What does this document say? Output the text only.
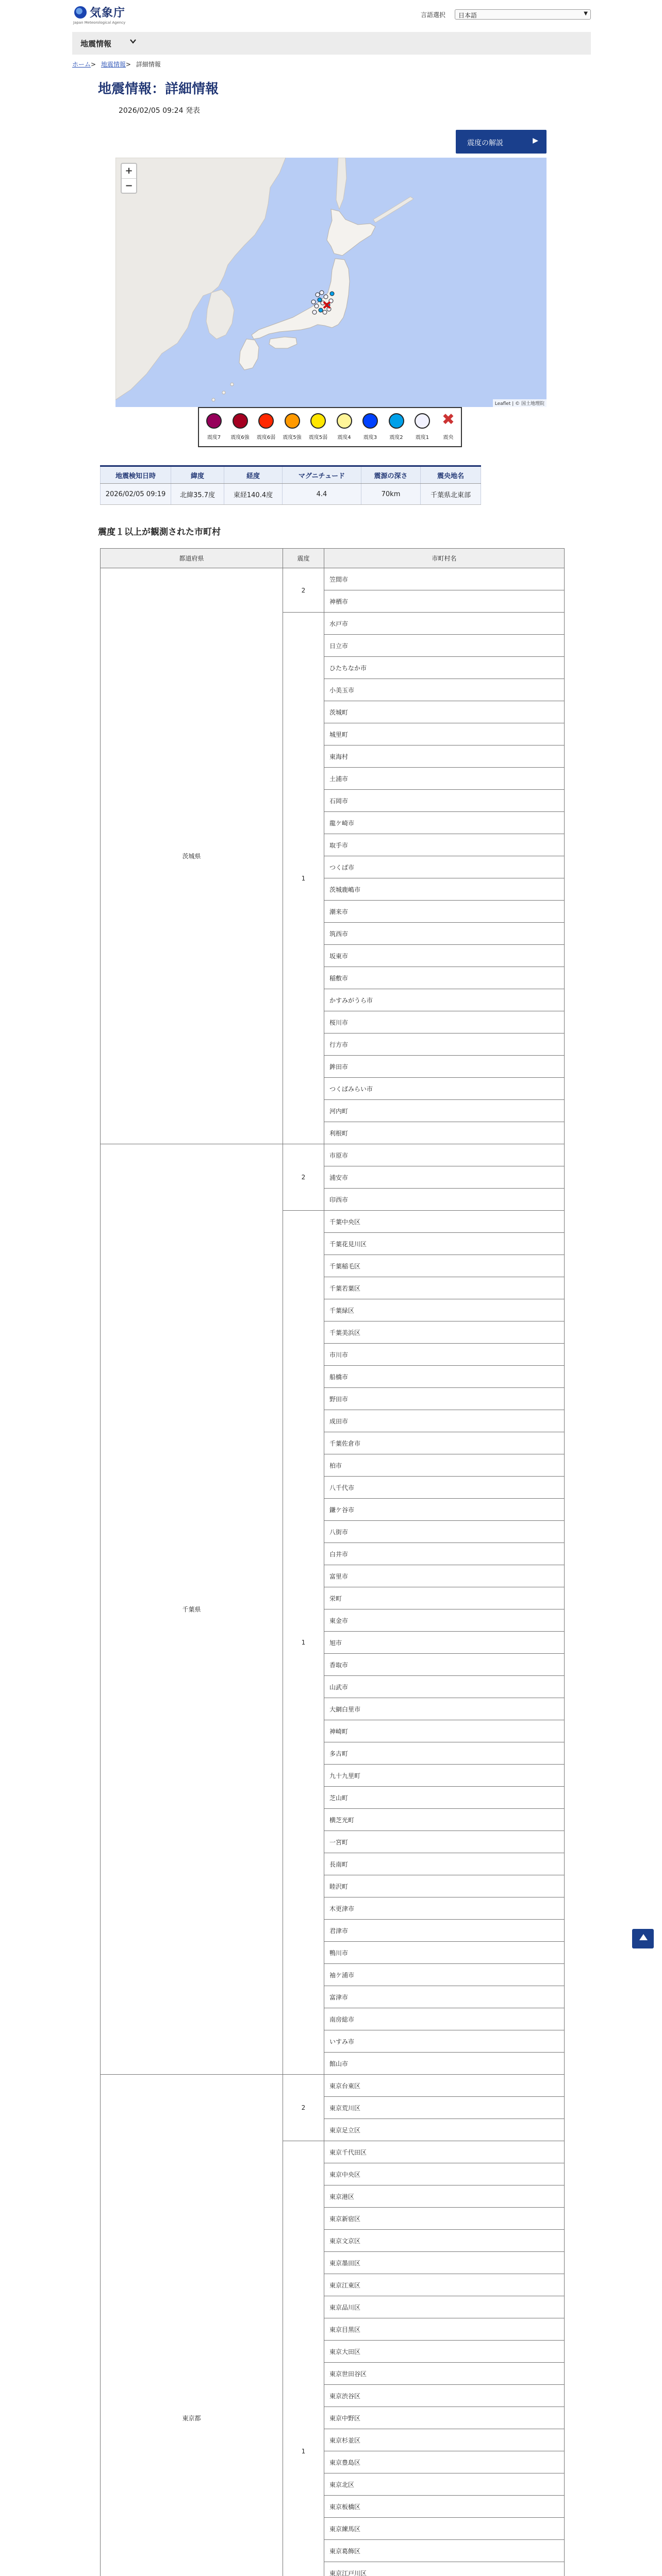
気象庁
Japan Meteorological Agency
言語選択	日本語	▼
地震情報
ホーム> 地震情報> 詳細情報
地震情報：詳細情報
2026/02/05 09:24 発表
震度の解説	▶
+
−
Leaflet | © 国土地理院
震度7	震度6強	震度6弱	震度5強	震度5弱	震度4	震度3	震度2	震度1
✖
震央
地震検知日時	緯度	経度	マグニチュード	震源の深さ	震央地名
2026/02/05 09:19	北緯35.7度	東経140.4度	4.4	70km	千葉県北東部
震度１以上が観測された市町村
都道府県	震度	市町村名
茨城県	2	笠間市
		神栖市
	1	水戸市
		日立市
		ひたちなか市
		小美玉市
		茨城町
		城里町
		東海村
		土浦市
		石岡市
		龍ケ崎市
		取手市
		つくば市
		茨城鹿嶋市
		潮来市
		筑西市
		坂東市
		稲敷市
		かすみがうら市
		桜川市
		行方市
		鉾田市
		つくばみらい市
		河内町
		利根町
千葉県	2	市原市
		浦安市
		印西市
	1	千葉中央区
		千葉花見川区
		千葉稲毛区
		千葉若葉区
		千葉緑区
		千葉美浜区
		市川市
		船橋市
		野田市
		成田市
		千葉佐倉市
		柏市
		八千代市
		鎌ケ谷市
		八街市
		白井市
		富里市
		栄町
		東金市
		旭市
		香取市
		山武市
		大網白里市
		神崎町
		多古町
		九十九里町
		芝山町
		横芝光町
		一宮町
		長南町
		睦沢町
		木更津市
		君津市
		鴨川市
		袖ケ浦市
		富津市
		南房総市
		いすみ市
		館山市
東京都	2	東京台東区
		東京荒川区
		東京足立区
	1	東京千代田区
		東京中央区
		東京港区
		東京新宿区
		東京文京区
		東京墨田区
		東京江東区
		東京品川区
		東京目黒区
		東京大田区
		東京世田谷区
		東京渋谷区
		東京中野区
		東京杉並区
		東京豊島区
		東京北区
		東京板橋区
		東京練馬区
		東京葛飾区
		東京江戸川区
